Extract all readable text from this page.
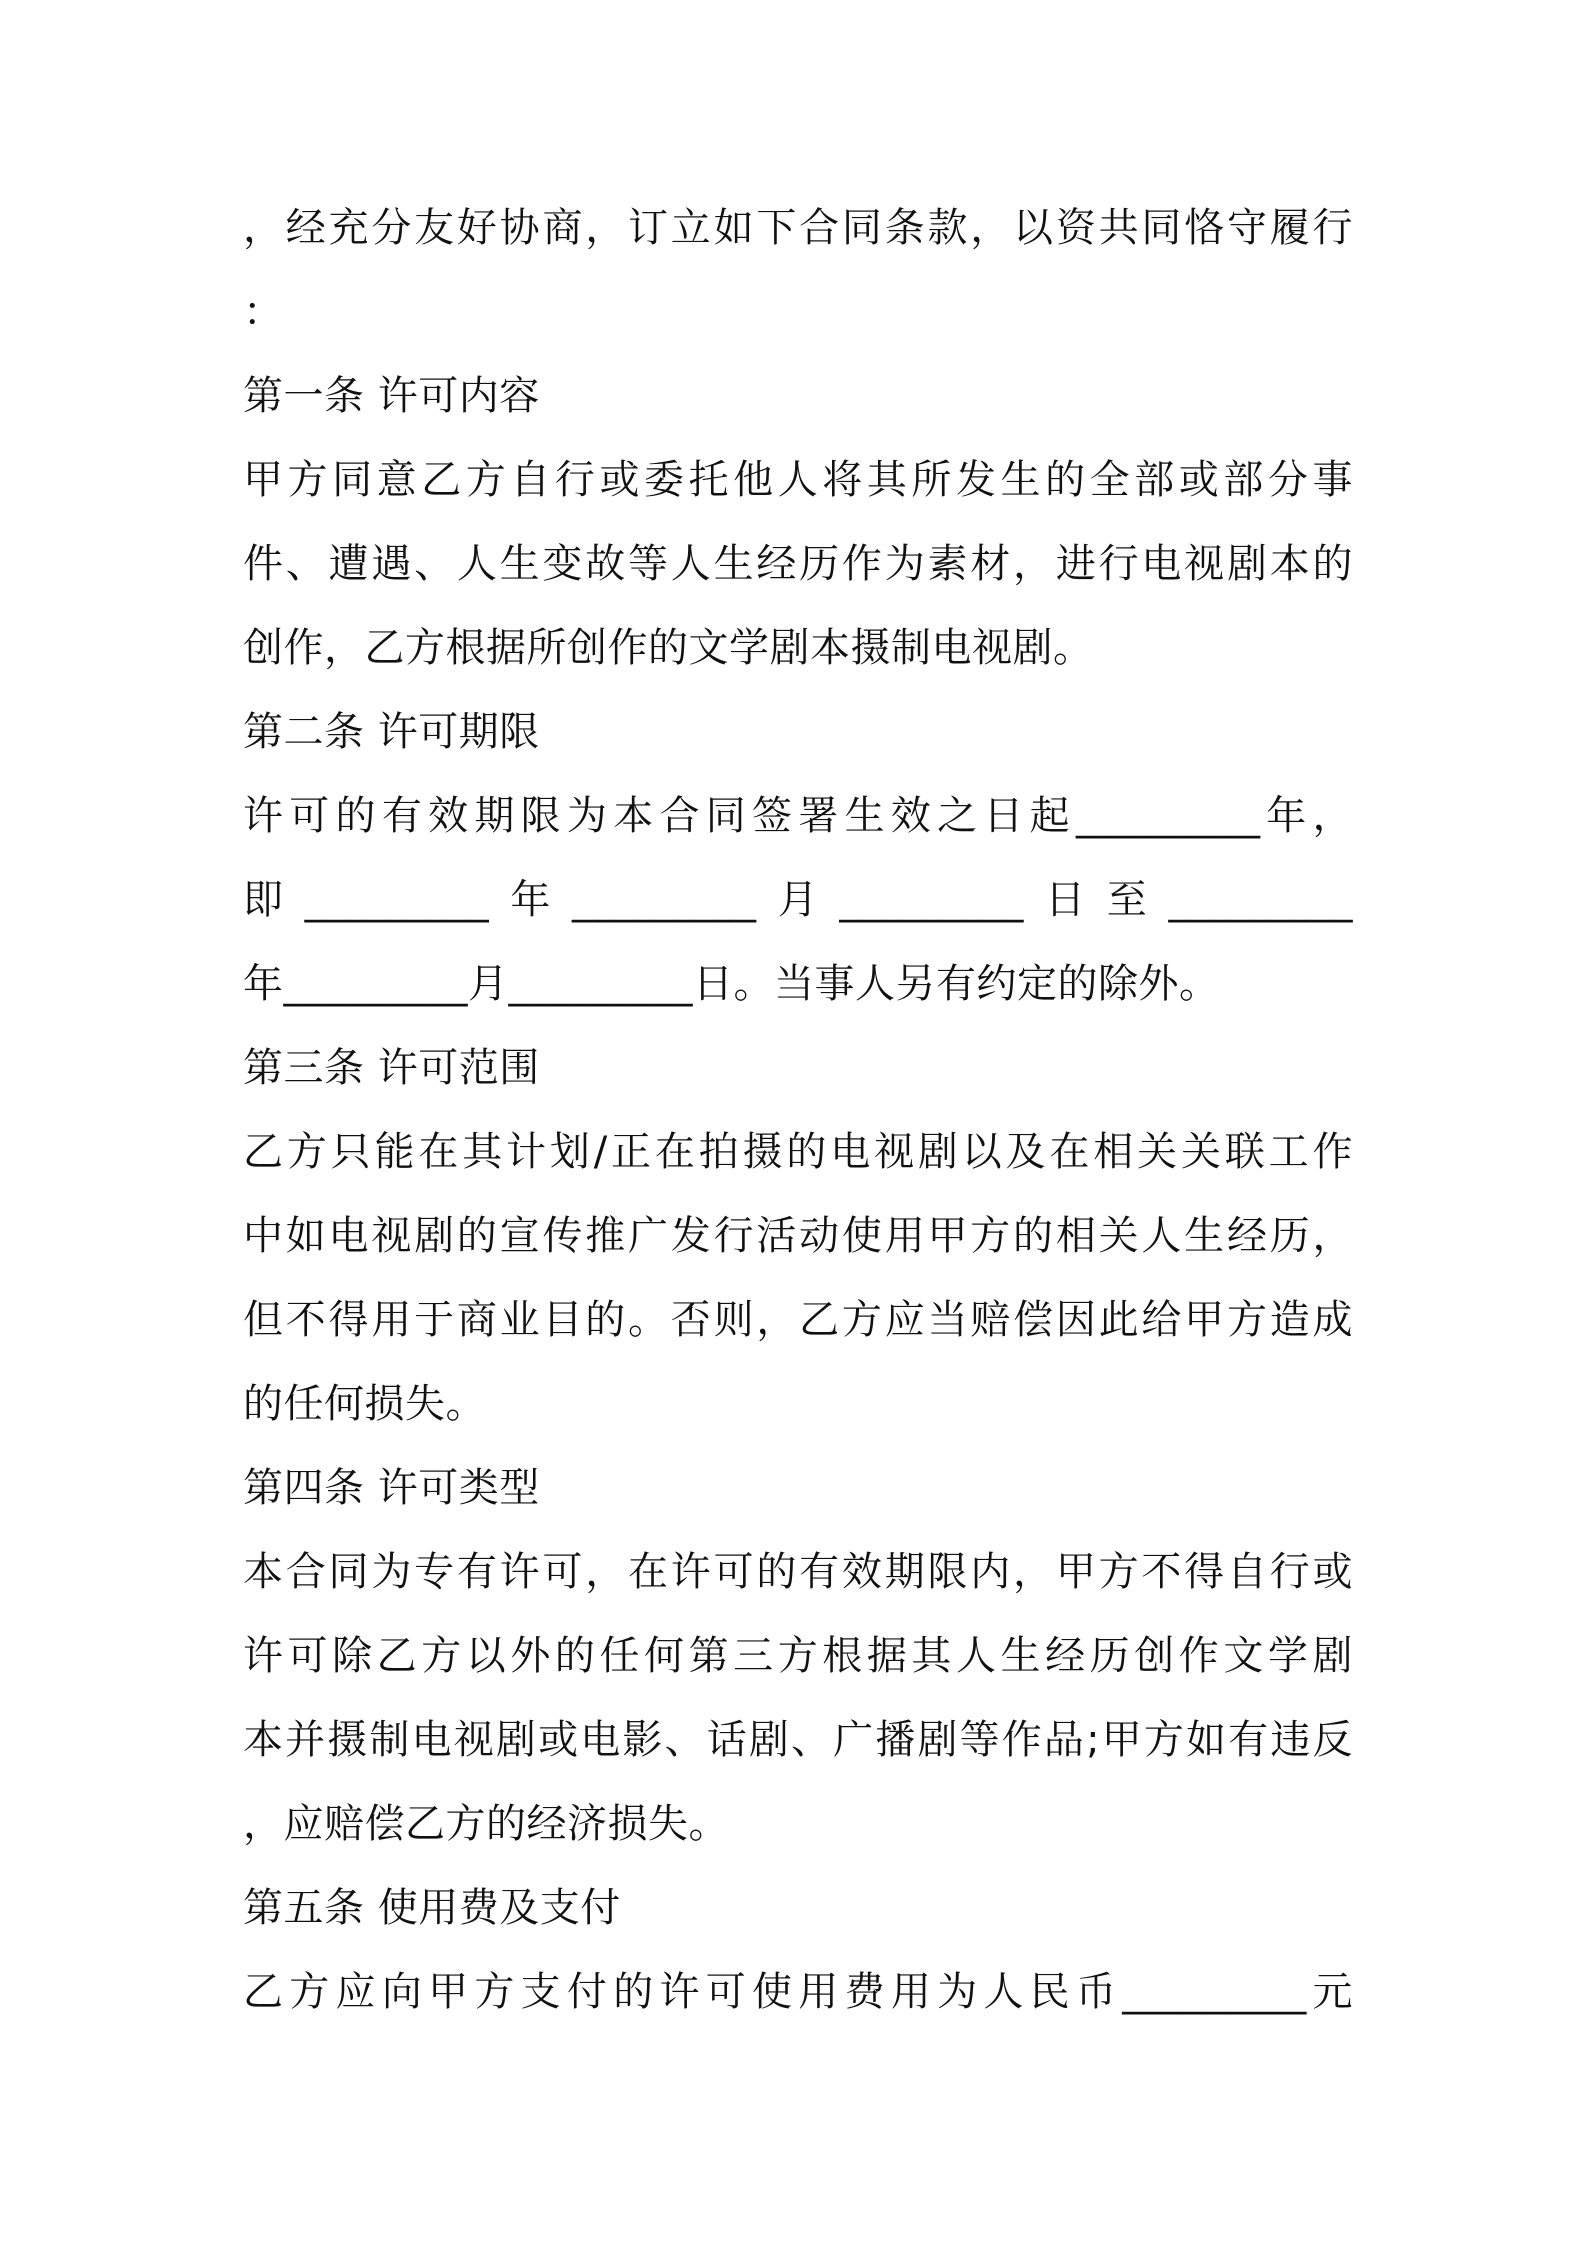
，经充分友好协商，订立如下合同条款，以资共同恪守履行

：

第一条 许可内容

甲方同意乙方自行或委托他人将其所发生的全部或部分事

件、遭遇、人生变故等人生经历作为素材，进行电视剧本的

创作，乙方根据所创作的文学剧本摄制电视剧。

第二条 许可期限

许可的有效期限为本合同签署生效之日起_________年，

即_________年_________月_________日至_________

年_________月_________日。当事人另有约定的除外。

第三条 许可范围

乙方只能在其计划/正在拍摄的电视剧以及在相关关联工作

中如电视剧的宣传推广发行活动使用甲方的相关人生经历，

但不得用于商业目的。否则，乙方应当赔偿因此给甲方造成

的任何损失。

第四条 许可类型

本合同为专有许可，在许可的有效期限内，甲方不得自行或

许可除乙方以外的任何第三方根据其人生经历创作文学剧

本并摄制电视剧或电影、话剧、广播剧等作品;甲方如有违反

，应赔偿乙方的经济损失。

第五条 使用费及支付

乙方应向甲方支付的许可使用费用为人民币_________元
